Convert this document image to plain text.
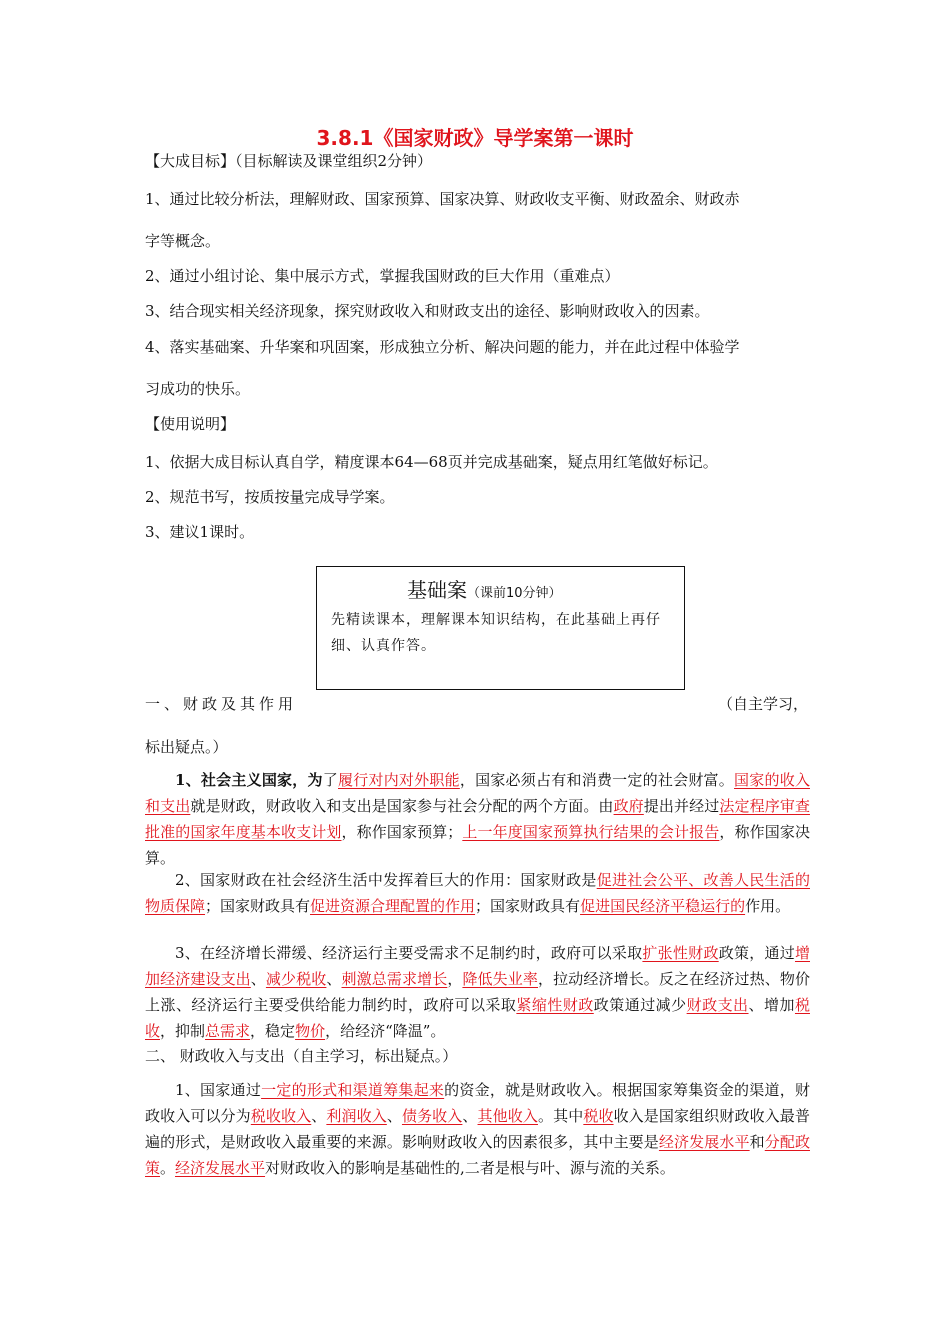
3.8.1《国家财政》导学案第一课时
【大成目标】（目标解读及课堂组织2分钟）
1、通过比较分析法，理解财政、国家预算、国家决算、财政收支平衡、财政盈余、财政赤
字等概念。
2、通过小组讨论、集中展示方式，掌握我国财政的巨大作用（重难点）
3、结合现实相关经济现象，探究财政收入和财政支出的途径、影响财政收入的因素。
4、落实基础案、升华案和巩固案，形成独立分析、解决问题的能力，并在此过程中体验学
习成功的快乐。
【使用说明】
1、依据大成目标认真自学，精度课本64—68页并完成基础案，疑点用红笔做好标记。
2、规范书写，按质按量完成导学案。
3、建议1课时。
基础案（课前10分钟）
先精读课本，理解课本知识结构，在此基础上再仔细、认真作答。
一、财政及其作用	（自主学习，
标出疑点。）
1、社会主义国家，为了履行对内对外职能，国家必须占有和消费一定的社会财富。国家的收入和支出就是财政，财政收入和支出是国家参与社会分配的两个方面。由政府提出并经过法定程序审查批准的国家年度基本收支计划，称作国家预算；上一年度国家预算执行结果的会计报告，称作国家决算。
2、国家财政在社会经济生活中发挥着巨大的作用：国家财政是促进社会公平、改善人民生活的物质保障；国家财政具有促进资源合理配置的作用；国家财政具有促进国民经济平稳运行的作用。
3、在经济增长滞缓、经济运行主要受需求不足制约时，政府可以采取扩张性财政政策，通过增加经济建设支出、减少税收、刺激总需求增长，降低失业率，拉动经济增长。反之在经济过热、物价上涨、经济运行主要受供给能力制约时，政府可以采取紧缩性财政政策通过减少财政支出、增加税收，抑制总需求，稳定物价，给经济“降温”。
二、 财政收入与支出（自主学习，标出疑点。）
1、国家通过一定的形式和渠道筹集起来的资金，就是财政收入。根据国家筹集资金的渠道，财政收入可以分为税收收入、利润收入、债务收入、其他收入。其中税收收入是国家组织财政收入最普遍的形式，是财政收入最重要的来源。影响财政收入的因素很多，其中主要是经济发展水平和分配政策。经济发展水平对财政收入的影响是基础性的,二者是根与叶、源与流的关系。
